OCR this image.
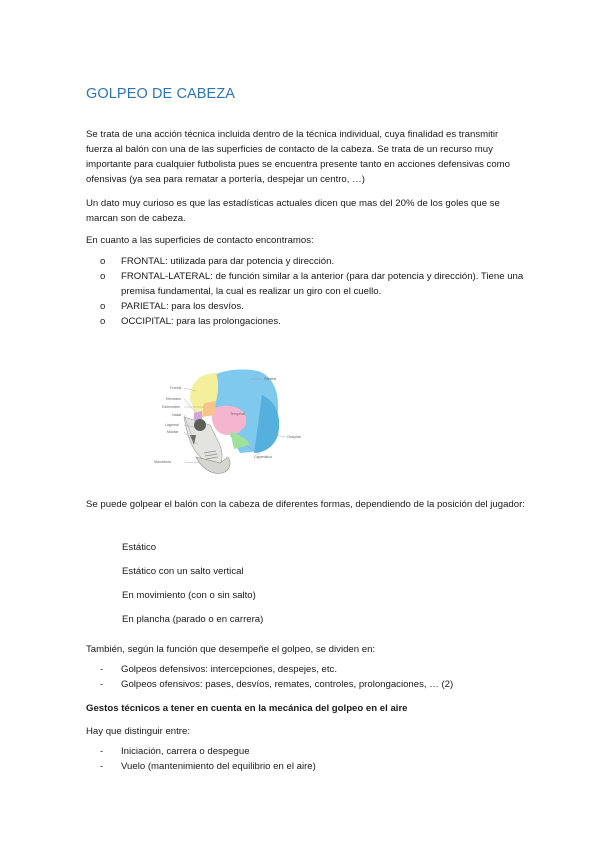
GOLPEO DE CABEZA
Se trata de una acción técnica incluida dentro de la técnica individual, cuya finalidad es transmitir fuerza al balón con una de las superficies de contacto de la cabeza. Se trata de un recurso muy importante para cualquier futbolista pues se encuentra presente tanto en acciones defensivas como ofensivas (ya sea para rematar a portería, despejar un centro, …)
Un dato muy curioso es que las estadísticas actuales dicen que mas del 20% de los goles que se marcan son de cabeza.
En cuanto a las superficies de contacto encontramos:
o FRONTAL: utilizada para dar potencia y dirección.
o FRONTAL-LATERAL: de función similar a la anterior (para dar potencia y dirección). Tiene una premisa fundamental, la cual es realizar un giro con el cuello.
o PARIETAL: para los desvíos.
o OCCIPITAL: para las prolongaciones.
Frontal
Etmoides
Esfenoides
Nasal
Lagrimal
Maxilar
Mandíbula
Parietal
Temporal
Occipital
Cigomático
Se puede golpear el balón con la cabeza de diferentes formas, dependiendo de la posición del jugador:
Estático
Estático con un salto vertical
En movimiento (con o sin salto)
En plancha (parado o en carrera)
También, según la función que desempeñe el golpeo, se dividen en:
- Golpeos defensivos: intercepciones, despejes, etc.
- Golpeos ofensivos: pases, desvíos, remates, controles, prolongaciones, … (2)
Gestos técnicos a tener en cuenta en la mecánica del golpeo en el aire
Hay que distinguir entre:
- Iniciación, carrera o despegue
- Vuelo (mantenimiento del equilibrio en el aire)
